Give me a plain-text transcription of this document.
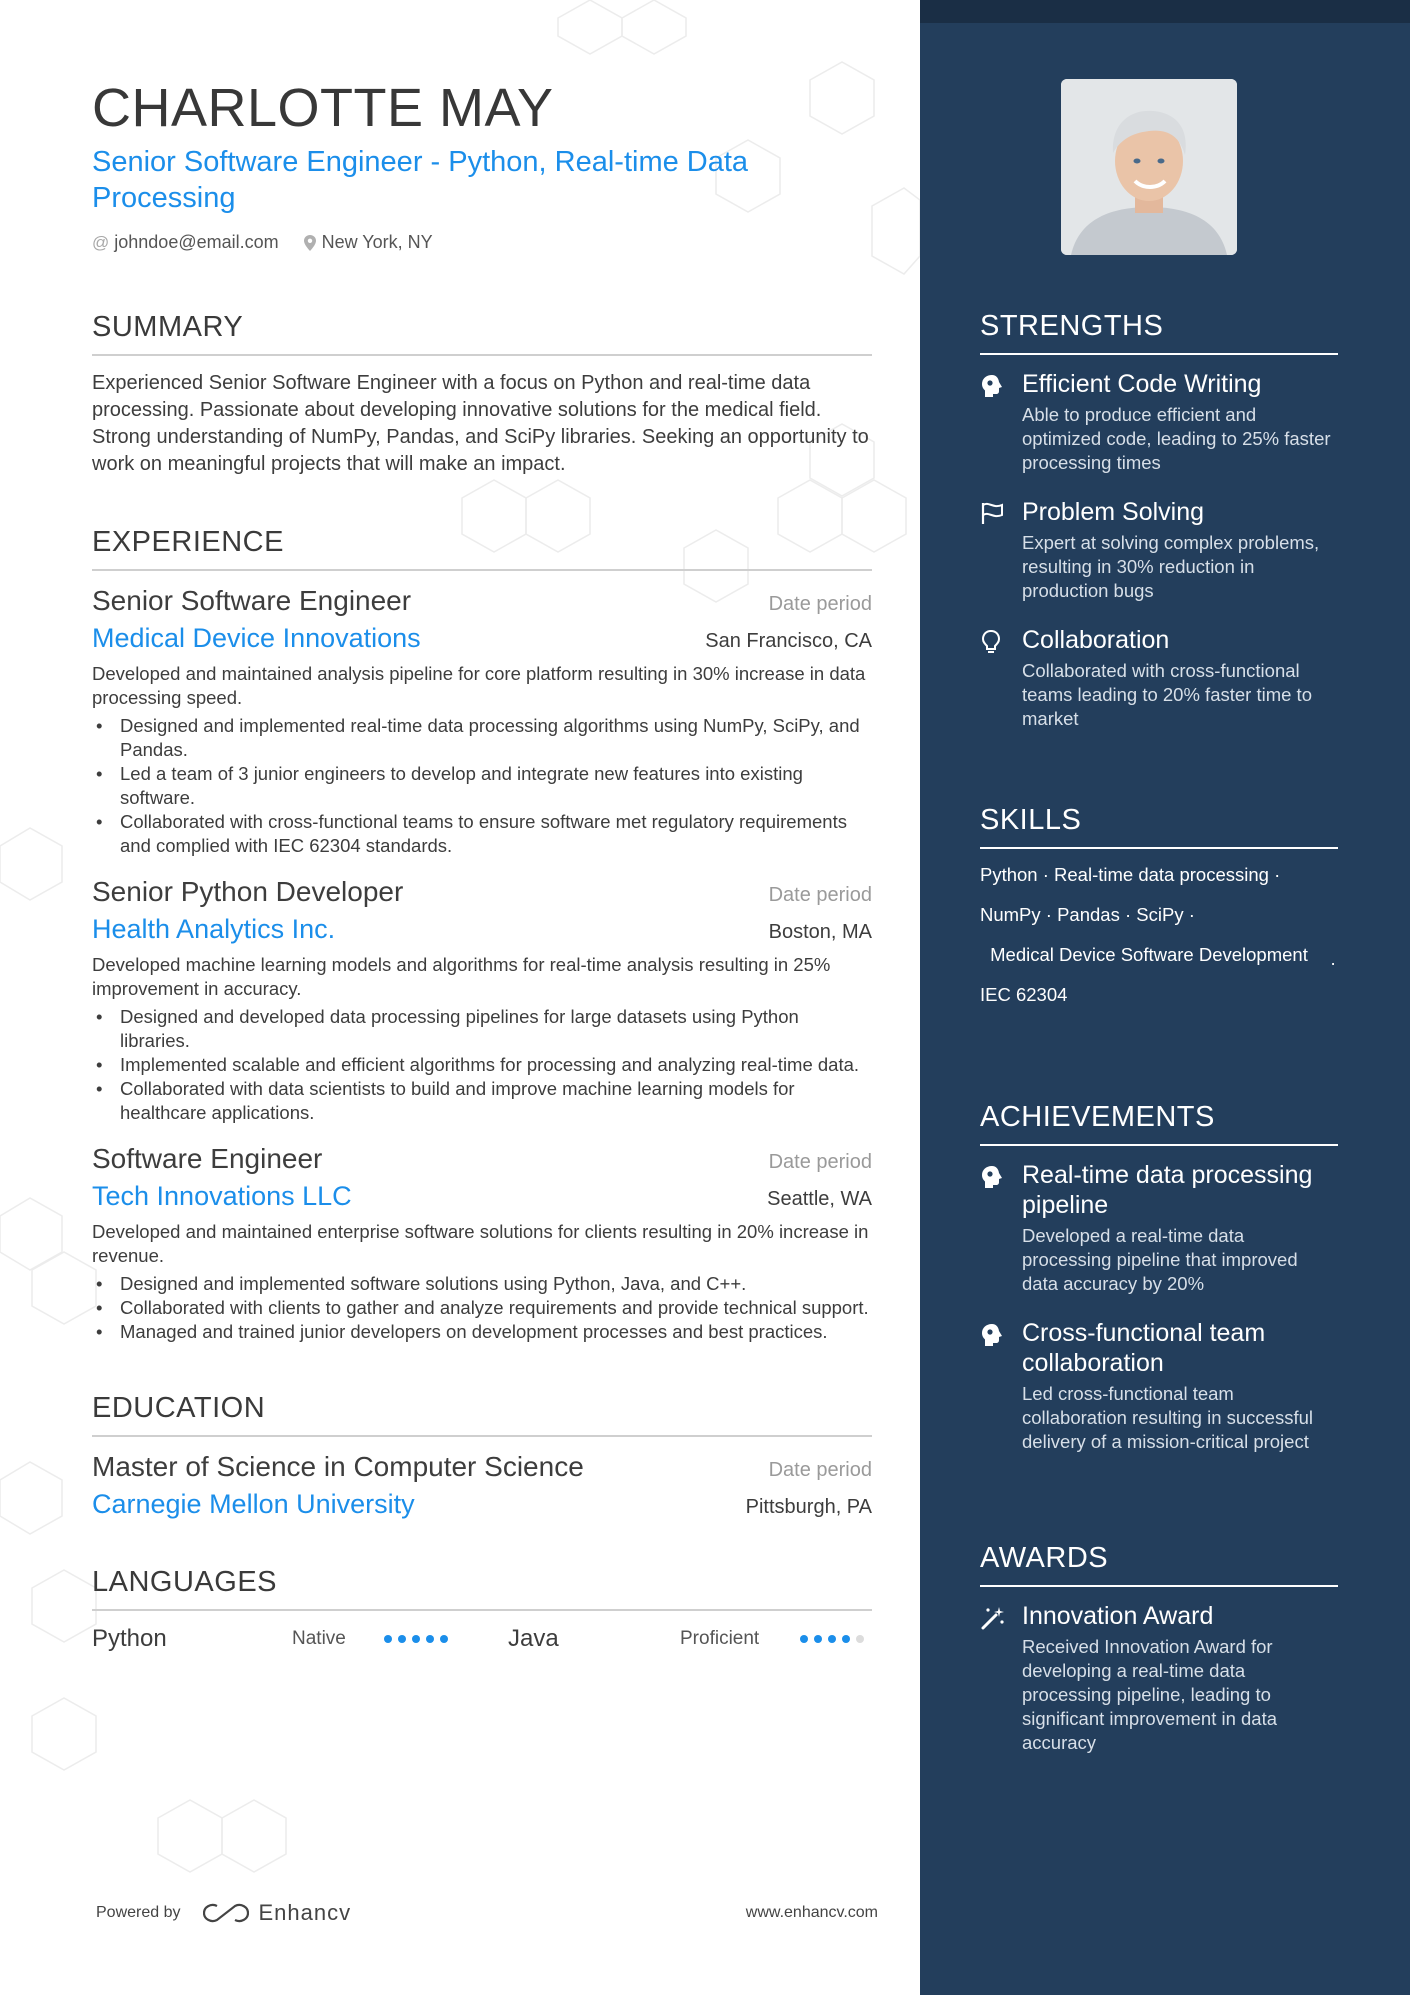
CHARLOTTE MAY
Senior Software Engineer - Python, Real-time Data Processing
@ johndoe@email.com New York, NY
SUMMARY
Experienced Senior Software Engineer with a focus on Python and real-time data processing. Passionate about developing innovative solutions for the medical field. Strong understanding of NumPy, Pandas, and SciPy libraries. Seeking an opportunity to work on meaningful projects that will make an impact.
EXPERIENCE
Senior Software Engineer	Date period
Medical Device Innovations	San Francisco, CA
Developed and maintained analysis pipeline for core platform resulting in 30% increase in data processing speed.
• Designed and implemented real-time data processing algorithms using NumPy, SciPy, and Pandas.
• Led a team of 3 junior engineers to develop and integrate new features into existing software.
• Collaborated with cross-functional teams to ensure software met regulatory requirements and complied with IEC 62304 standards.
Senior Python Developer	Date period
Health Analytics Inc.	Boston, MA
Developed machine learning models and algorithms for real-time analysis resulting in 25% improvement in accuracy.
• Designed and developed data processing pipelines for large datasets using Python libraries.
• Implemented scalable and efficient algorithms for processing and analyzing real-time data.
• Collaborated with data scientists to build and improve machine learning models for healthcare applications.
Software Engineer	Date period
Tech Innovations LLC	Seattle, WA
Developed and maintained enterprise software solutions for clients resulting in 20% increase in revenue.
• Designed and implemented software solutions using Python, Java, and C++.
• Collaborated with clients to gather and analyze requirements and provide technical support.
• Managed and trained junior developers on development processes and best practices.
EDUCATION
Master of Science in Computer Science	Date period
Carnegie Mellon University	Pittsburgh, PA
LANGUAGES
Python	Native	Java	Proficient
Powered by	Enhancv	www.enhancv.com
STRENGTHS
Efficient Code Writing
Able to produce efficient and optimized code, leading to 25% faster processing times
Problem Solving
Expert at solving complex problems, resulting in 30% reduction in production bugs
Collaboration
Collaborated with cross-functional teams leading to 20% faster time to market
SKILLS
Python · Real-time data processing ·
NumPy · Pandas · SciPy ·
Medical Device Software Development	·
IEC 62304
ACHIEVEMENTS
Real-time data processing pipeline
Developed a real-time data processing pipeline that improved data accuracy by 20%
Cross-functional team collaboration
Led cross-functional team collaboration resulting in successful delivery of a mission-critical project
AWARDS
Innovation Award
Received Innovation Award for developing a real-time data processing pipeline, leading to significant improvement in data accuracy
